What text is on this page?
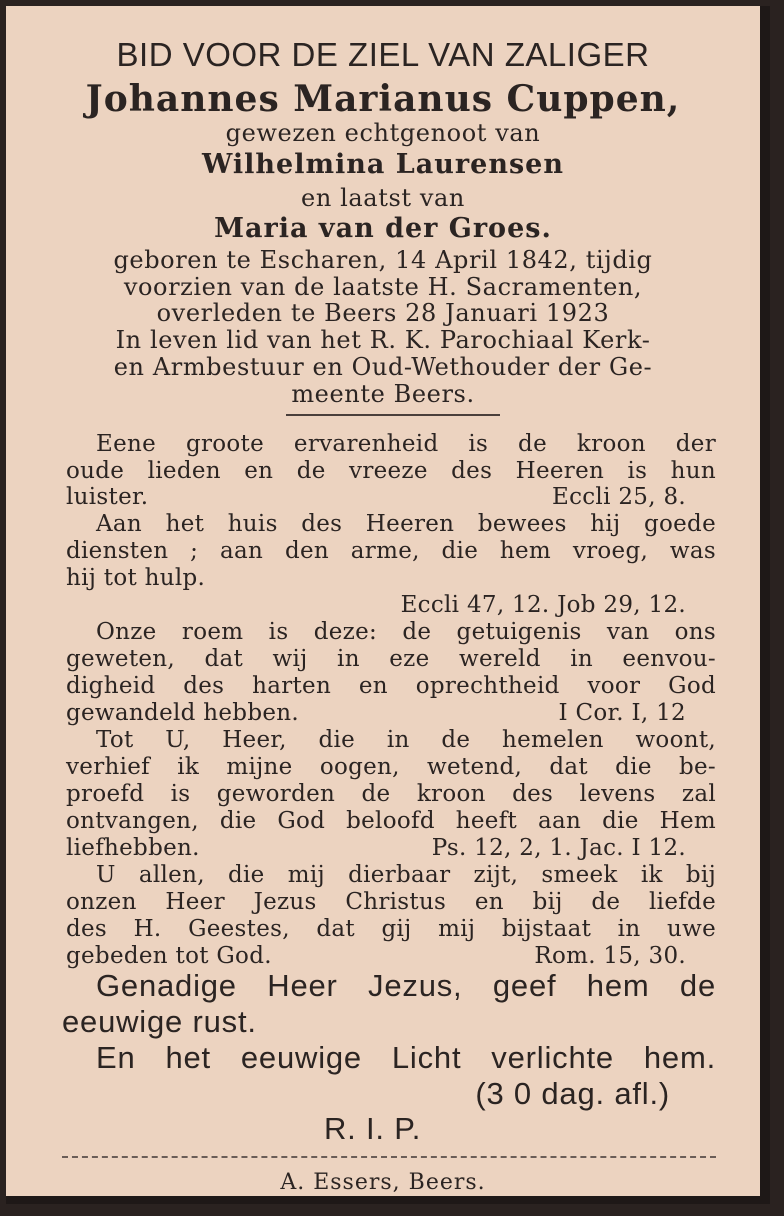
BID VOOR DE ZIEL VAN ZALIGER
Johannes Marianus Cuppen,
gewezen echtgenoot van
Wilhelmina Laurensen
en laatst van
Maria van der Groes.
geboren te Escharen, 14 April 1842, tijdig
voorzien van de laatste H. Sacramenten,
overleden te Beers 28 Januari 1923
In leven lid van het R. K. Parochiaal Kerk-
en Armbestuur en Oud-Wethouder der Ge-
meente Beers.
Eene groote ervarenheid is de kroon der
oude lieden en de vreeze des Heeren is hun
luister.	Eccli 25, 8.
Aan het huis des Heeren bewees hij goede
diensten ; aan den arme, die hem vroeg, was
hij tot hulp.
Eccli 47, 12. Job 29, 12.
Onze roem is deze: de getuigenis van ons
geweten, dat wij in eze wereld in eenvou-
digheid des harten en oprechtheid voor God
gewandeld hebben.	I Cor. I, 12
Tot U, Heer, die in de hemelen woont,
verhief ik mijne oogen, wetend, dat die be-
proefd is geworden de kroon des levens zal
ontvangen, die God beloofd heeft aan die Hem
liefhebben.	Ps. 12, 2, 1. Jac. I 12.
U allen, die mij dierbaar zijt, smeek ik bij
onzen Heer Jezus Christus en bij de liefde
des H. Geestes, dat gij mij bijstaat in uwe
gebeden tot God.	Rom. 15, 30.
Genadige Heer Jezus, geef hem de
eeuwige rust.
En het eeuwige Licht verlichte hem.
(3 0 dag. afl.)
R. I. P.
A. Essers, Beers.
